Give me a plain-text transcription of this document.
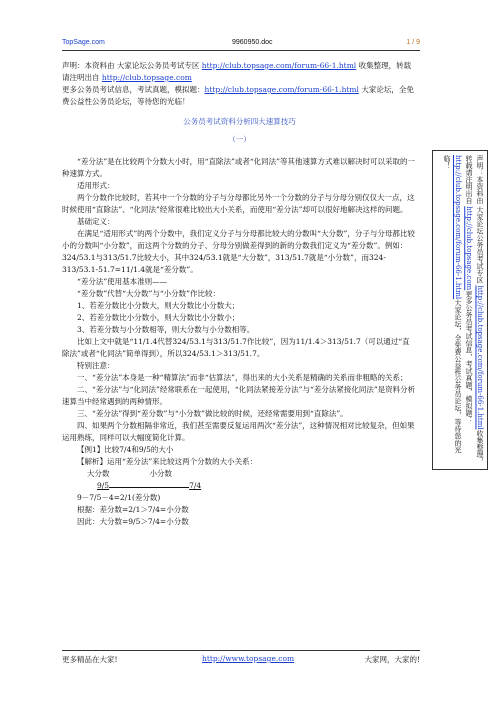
TopSage.com	9960950.doc	1 / 9

声明：本资料由 大家论坛公务员考试专区 http://club.topsage.com/forum-66-1.html 收集整理，转载请注明出自 http://club.topsage.com

更多公务员考试信息，考试真题，模拟题：http://club.topsage.com/forum-66-1.html 大家论坛，全免费公益性公务员论坛，等待您的光临！

公务员考试资料分析四大速算技巧

（一）

“差分法”是在比较两个分数大小时，用“直除法”或者“化同法”等其他速算方式难以解决时可以采取的一种速算方式。

适用形式：

两个分数作比较时，若其中一个分数的分子与分母都比另外一个分数的分子与分母分别仅仅大一点，这时候使用“直除法”、“化同法”经常很难比较出大小关系，而使用“差分法”却可以很好地解决这样的问题。

基础定义：

在满足“适用形式”的两个分数中，我们定义分子与分母都比较大的分数叫“大分数”，分子与分母都比较小的分数叫“小分数”，而这两个分数的分子、分母分别做差得到的新的分数我们定义为“差分数”。例如：324/53.1与313/51.7比较大小，其中324/53.1就是“大分数”，313/51.7就是“小分数”，而324-313/53.1-51.7=11/1.4就是“差分数”。

“差分法”使用基本准则——

“差分数”代替“大分数”与“小分数”作比较：

1、若差分数比小分数大，则大分数比小分数大；

2、若差分数比小分数小，则大分数比小分数小；

3、若差分数与小分数相等，则大分数与小分数相等。

比如上文中就是“11/1.4代替324/53.1与313/51.7作比较”，因为11/1.4＞313/51.7（可以通过“直除法”或者“化同法”简单得到），所以324/53.1＞313/51.7。

特别注意：

一、“差分法”本身是一种“精算法”而非“估算法”，得出来的大小关系是精确的关系而非粗略的关系；

二、“差分法”与“化同法”经常联系在一起使用，“化同法紧接差分法”与“差分法紧接化同法”是资料分析速算当中经常遇到的两种情形。

三、“差分法”得到“差分数”与“小分数”做比较的时候，还经常需要用到“直除法”。

四、如果两个分数相隔非常近，我们甚至需要反复运用两次“差分法”，这种情况相对比较复杂，但如果运用熟练，同样可以大幅度简化计算。

【例1】比较7/4和9/5的大小

【解析】运用“差分法”来比较这两个分数的大小关系：

大分数	小分数

9/5	7/4

9－7/5－4=2/1(差分数)

根据：差分数=2/1＞7/4=小分数

因此：大分数=9/5＞7/4=小分数

声明：本资料由 大家论坛公务员考试专区 http://club.topsage.com/forum-66-1.html收集整理，转载请注明出自 http://club.topsage.com更多公务员考试信息，考试真题，模拟题：http://club.topsage.com/forum-66-1.html大家论坛，全免费公益性公务员论坛，等待您的光临！
更多精品在大家!	http://www.topsage.com	大家网，大家的!
